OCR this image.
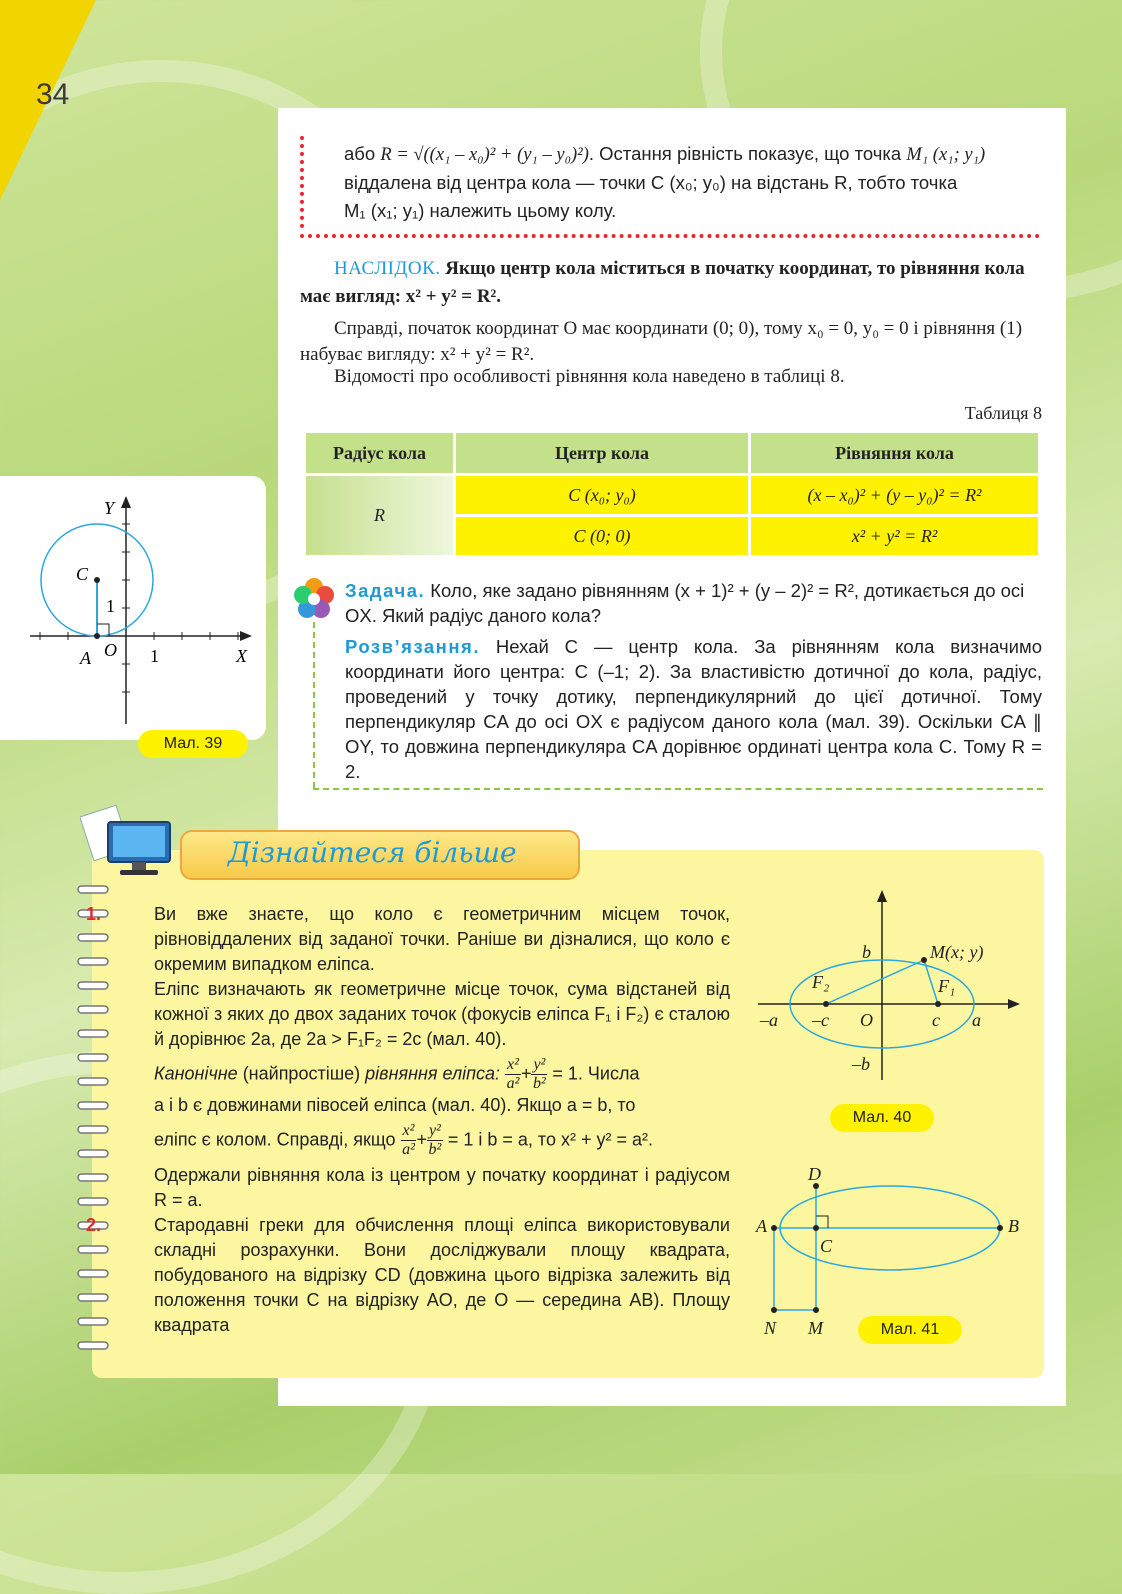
34
або R = √((x₁ – x₀)² + (y₁ – y₀)²). Остання рівність показує, що точка M₁ (x₁; y₁)
віддалена від центра кола — точки C (x₀; y₀) на відстань R, тобто точка
M₁ (x₁; y₁) належить цьому колу.
НАСЛІДОК. Якщо центр кола міститься в початку координат, то рівняння кола має вигляд: x² + y² = R².
Справді, початок координат O має координати (0; 0), тому x₀ = 0, y₀ = 0 і рівняння (1) набуває вигляду: x² + y² = R².
Відомості про особливості рівняння кола наведено в таблиці 8.
Таблиця 8
Радіус кола	Центр кола	Рівняння кола
R	C (x₀; y₀)	(x – x₀)² + (y – y₀)² = R²
	C (0; 0)	x² + y² = R²
Задача. Коло, яке задано рівнянням (x + 1)² + (y – 2)² = R², дотикається до осі OX. Який радіус даного кола?
Розв’язання. Нехай C — центр кола. За рівнянням кола визначимо координати його центра: C (–1; 2). За властивістю дотичної до кола, радіус, проведений у точку дотику, перпендикулярний до цієї дотичної. Тому перпендикуляр CA до осі OX є радіусом даного кола (мал. 39). Оскільки CA ∥ OY, то довжина перпендикуляра CA дорівнює ординаті центра кола C. Тому R = 2.
Y
X
C
A O 1
1
Мал. 39
Дізнайтеся більше
1.	Ви вже знаєте, що коло є геометричним місцем точок, рівновіддалених від заданої точки. Раніше ви дізналися, що коло є окремим випадком еліпса.
Еліпс визначають як геометричне місце точок, сума відстаней від кожної з яких до двох заданих точок (фокусів еліпса F₁ і F₂) є сталою й дорівнює 2a, де 2a > F₁F₂ = 2c (мал. 40).
Канонічне (найпростіше) рівняння еліпса: $\frac{\text{x²}}{\text{a²}} + \frac{\text{y²}}{\text{b²}} = 1$. Числа
a і b є довжинами півосей еліпса (мал. 40). Якщо a = b, то
еліпс є колом. Справді, якщо $\frac{\text{x²}}{\text{a²}} + \frac{\text{y²}}{\text{b²}} = 1$ і b = a, то x² + y² = a².
Одержали рівняння кола із центром у початку координат і радіусом R = a.
2.	Стародавні греки для обчислення площі еліпса використовували складні розрахунки. Вони досліджували площу квадрата, побудованого на відрізку CD (довжина цього відрізка залежить від положення точки C на відрізку AO, де O — середина AB). Площу квадрата
b
–b
M(x; y)
F₂	F₁
–a –c O	c a
Мал. 40
D
A	B
C
N M	Мал. 41
